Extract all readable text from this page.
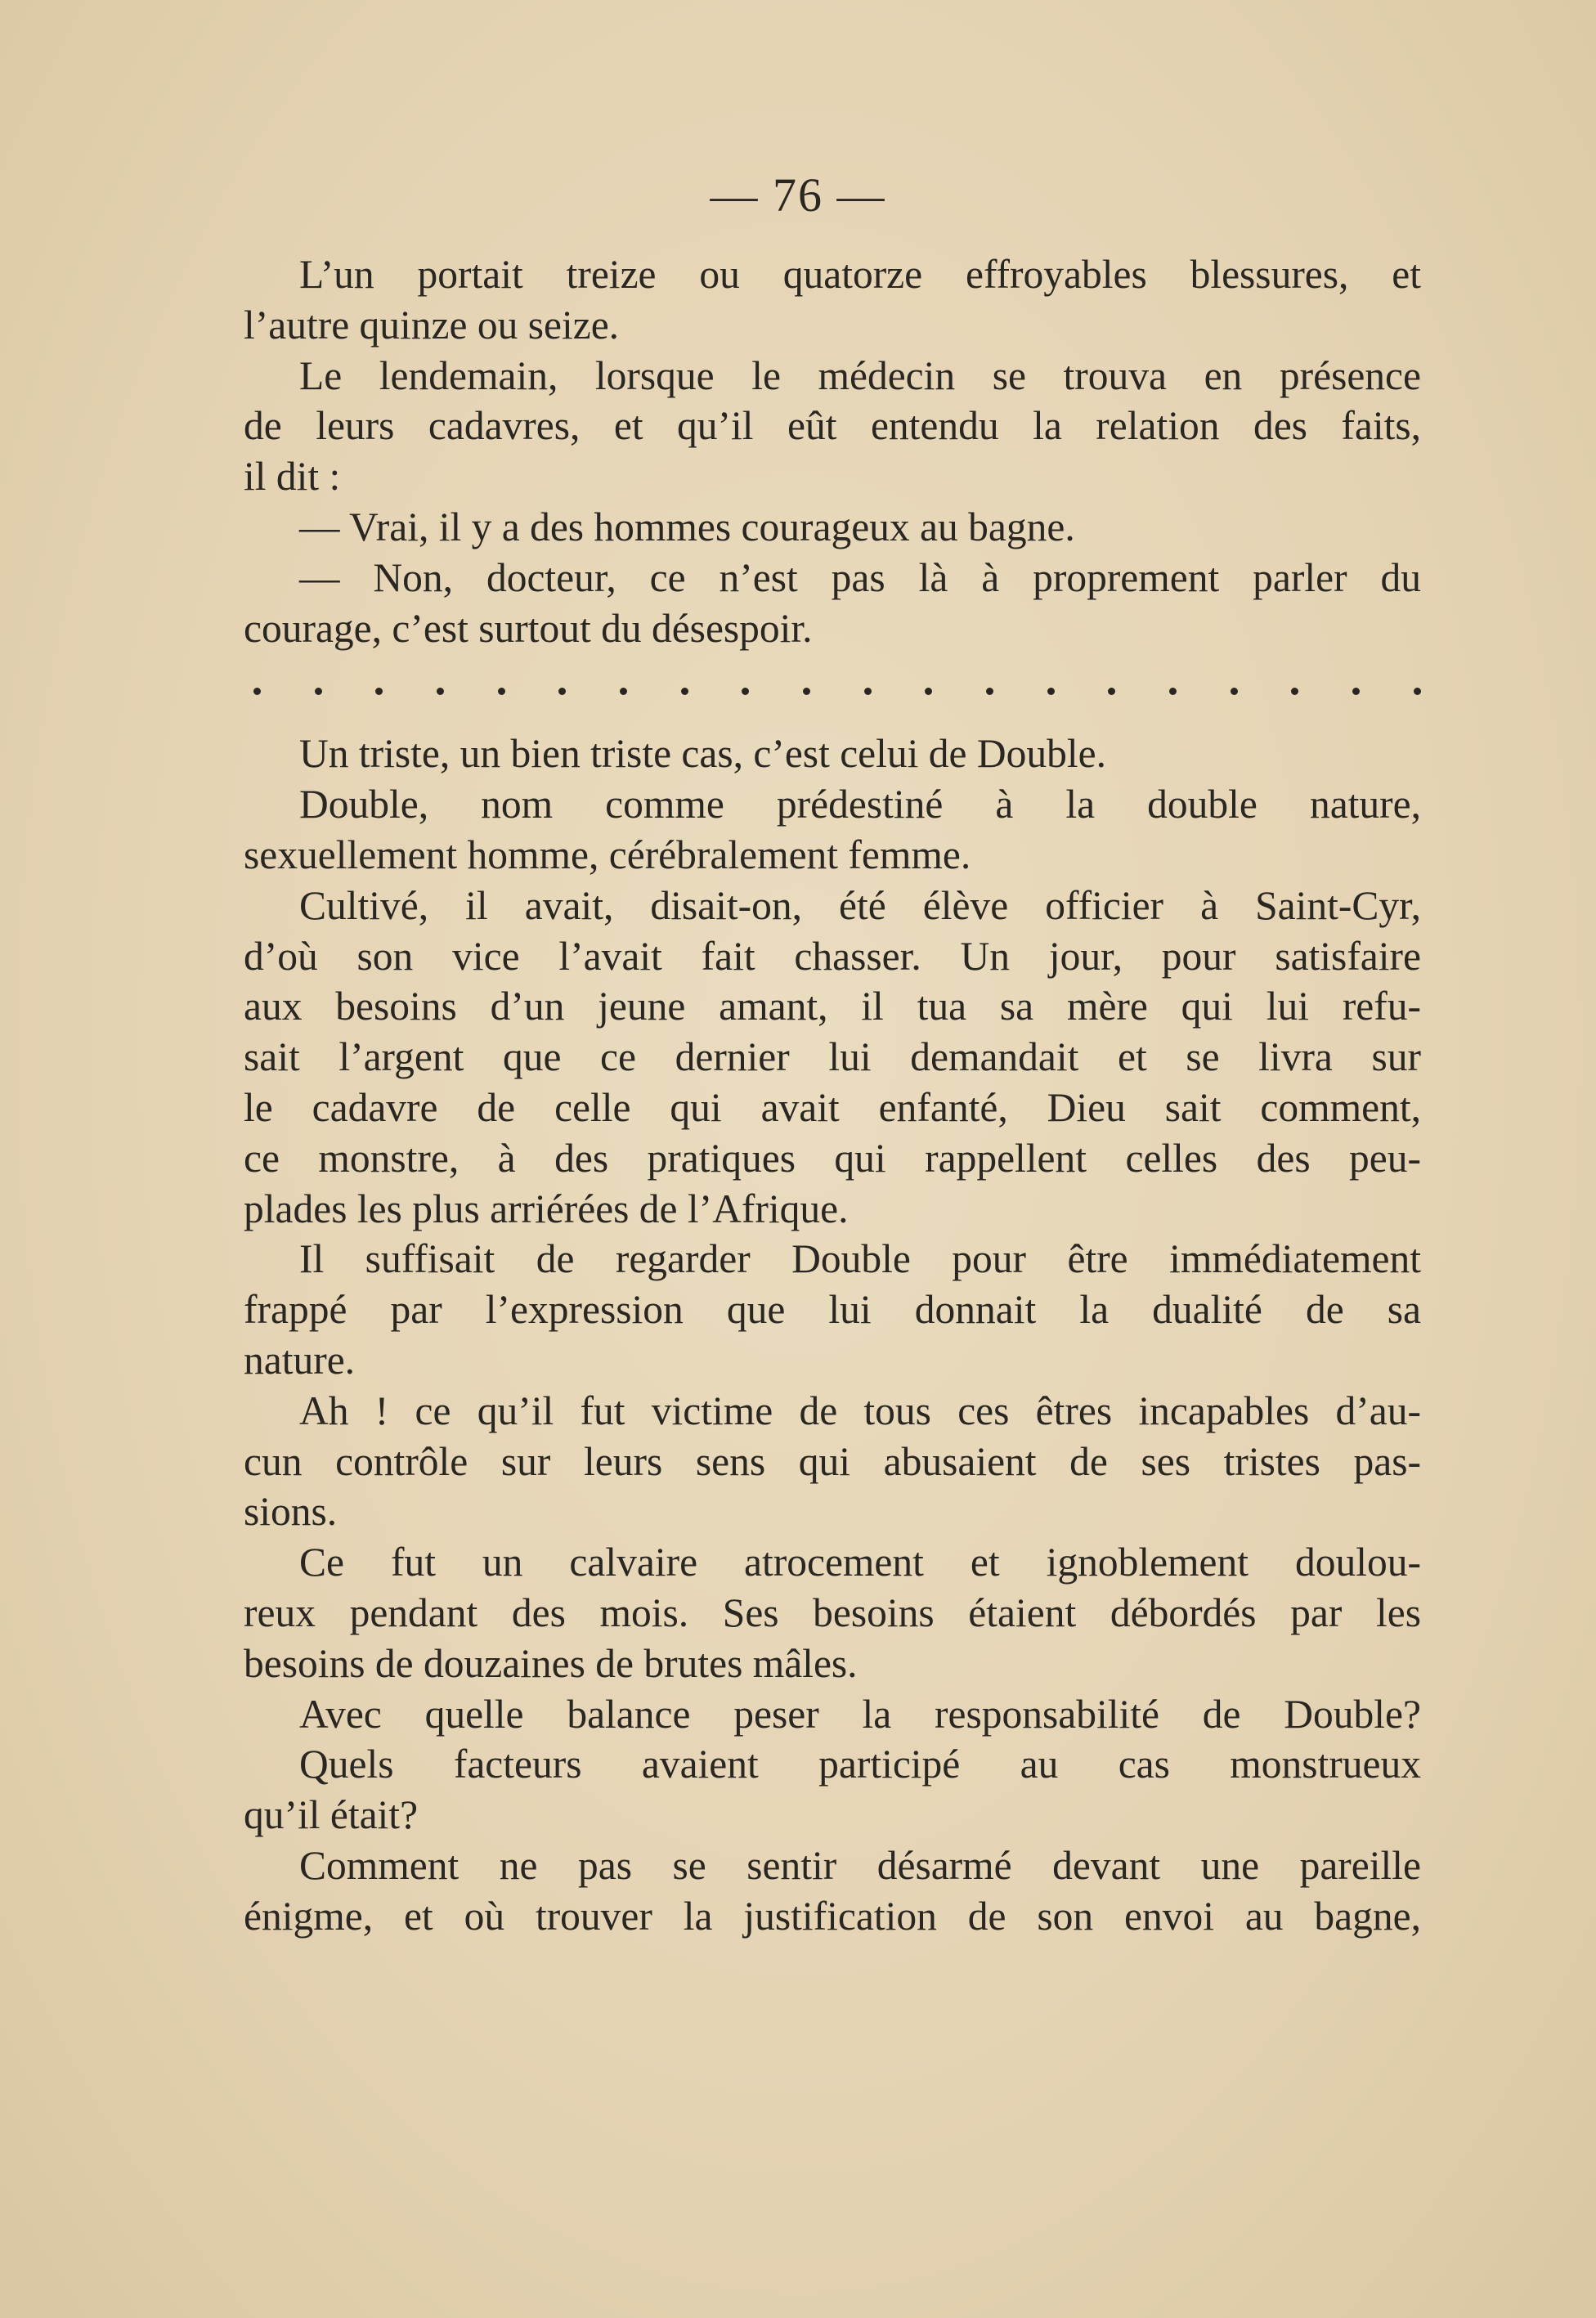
— 76 —
L’un portait treize ou quatorze effroyables blessures, et
l’autre quinze ou seize.
Le lendemain, lorsque le médecin se trouva en présence
de leurs cadavres, et qu’il eût entendu la relation des faits,
il dit :
— Vrai, il y a des hommes courageux au bagne.
— Non, docteur, ce n’est pas là à proprement parler du
courage, c’est surtout du désespoir.
Un triste, un bien triste cas, c’est celui de Double.
Double, nom comme prédestiné à la double nature,
sexuellement homme, cérébralement femme.
Cultivé, il avait, disait-on, été élève officier à Saint-Cyr,
d’où son vice l’avait fait chasser. Un jour, pour satisfaire
aux besoins d’un jeune amant, il tua sa mère qui lui refu-
sait l’argent que ce dernier lui demandait et se livra sur
le cadavre de celle qui avait enfanté, Dieu sait comment,
ce monstre, à des pratiques qui rappellent celles des peu-
plades les plus arriérées de l’Afrique.
Il suffisait de regarder Double pour être immédiatement
frappé par l’expression que lui donnait la dualité de sa
nature.
Ah ! ce qu’il fut victime de tous ces êtres incapables d’au-
cun contrôle sur leurs sens qui abusaient de ses tristes pas-
sions.
Ce fut un calvaire atrocement et ignoblement doulou-
reux pendant des mois. Ses besoins étaient débordés par les
besoins de douzaines de brutes mâles.
Avec quelle balance peser la responsabilité de Double?
Quels facteurs avaient participé au cas monstrueux
qu’il était?
Comment ne pas se sentir désarmé devant une pareille
énigme, et où trouver la justification de son envoi au bagne,
